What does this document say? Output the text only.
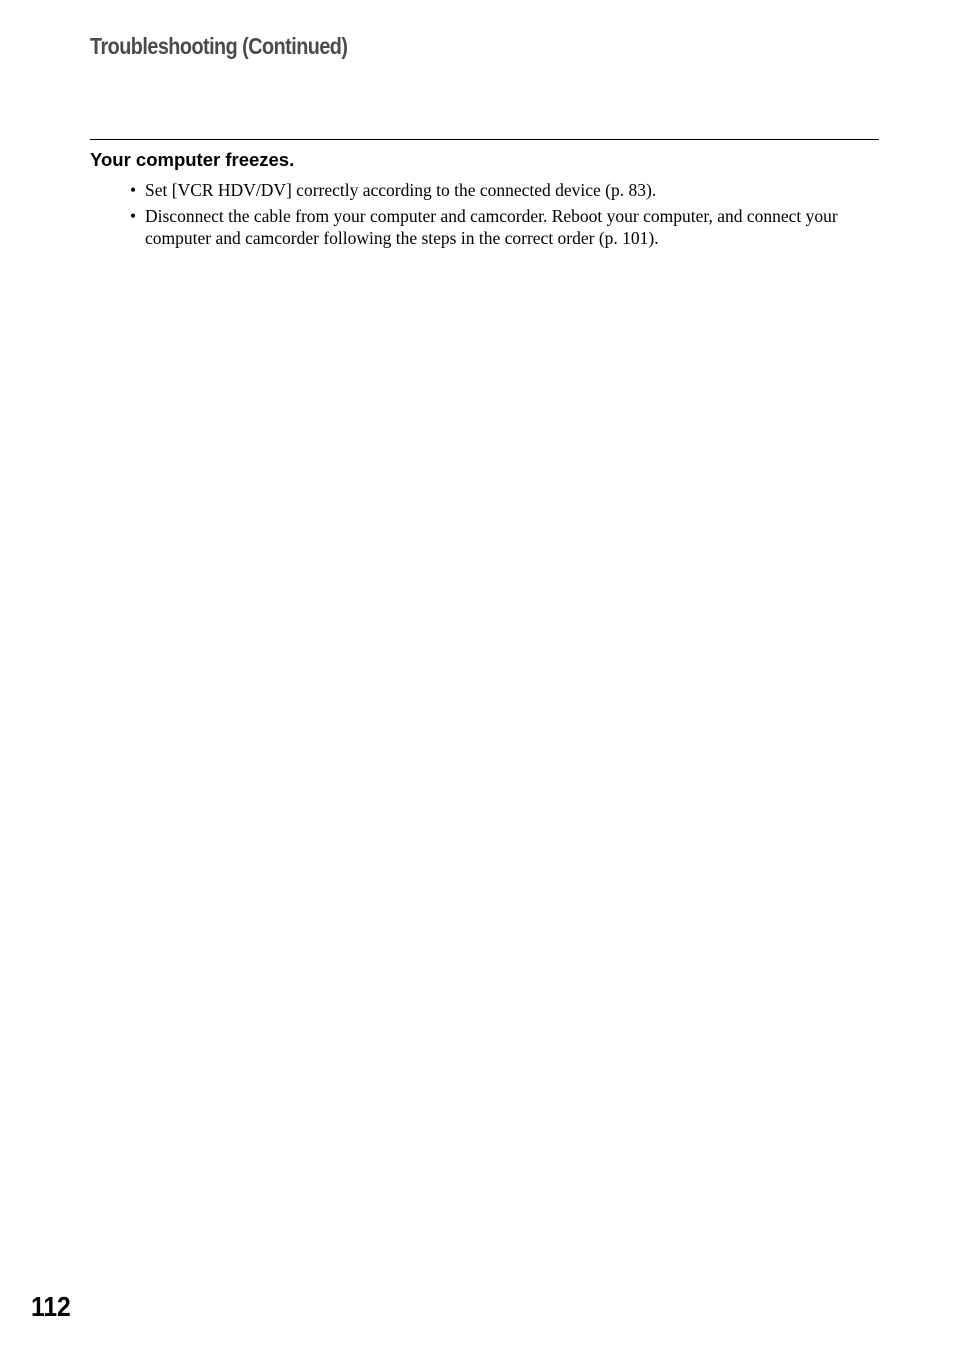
Troubleshooting (Continued)
Your computer freezes.
• Set [VCR HDV/DV] correctly according to the connected device (p. 83).
• Disconnect the cable from your computer and camcorder. Reboot your computer, and connect your computer and camcorder following the steps in the correct order (p. 101).
112
